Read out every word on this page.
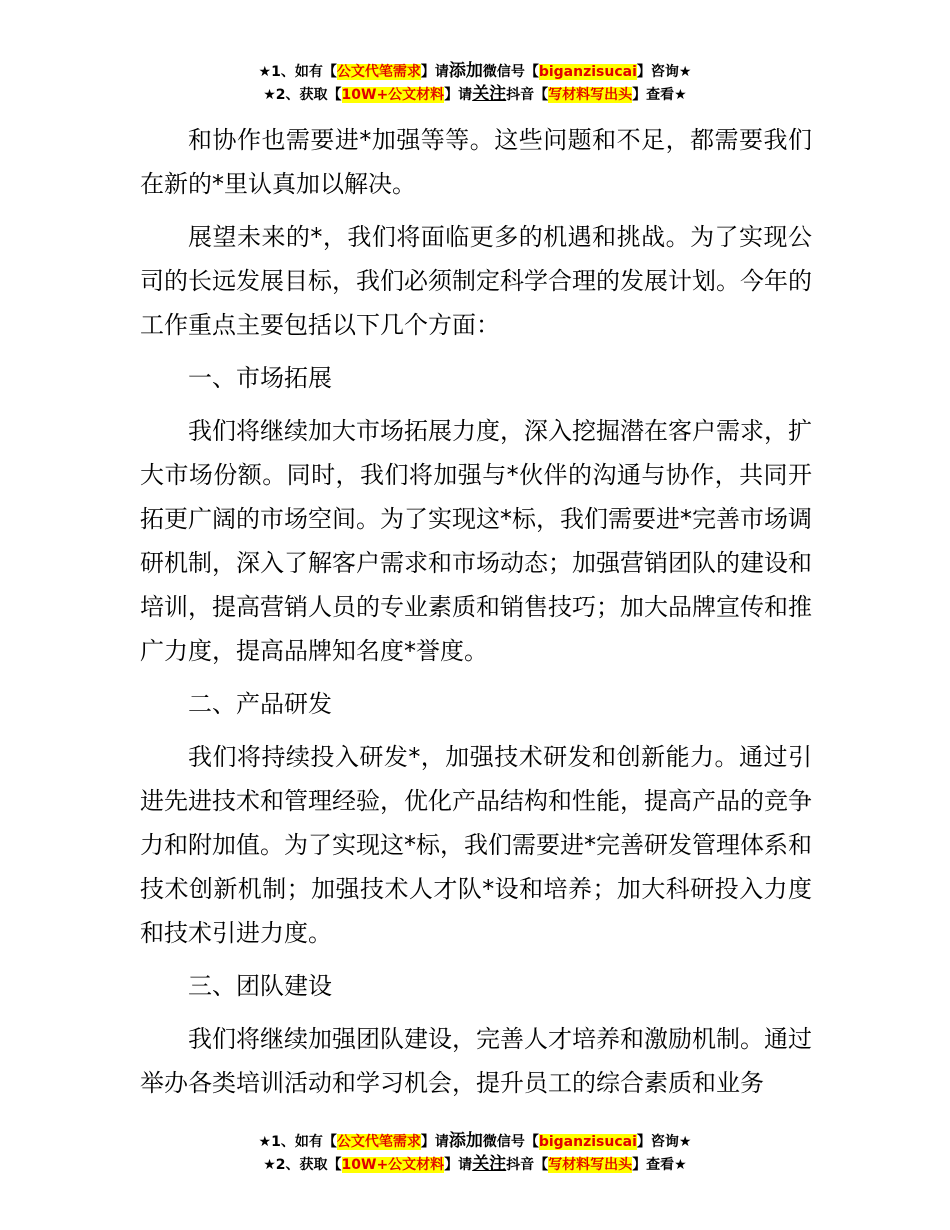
★1、如有【公文代笔需求】请添加微信号【biganzisucai】咨询★
★2、获取【10W+公文材料】请关注抖音【写材料写出头】查看★

和协作也需要进*加强等等。这些问题和不足，都需要我们在新的*里认真加以解决。

展望未来的*，我们将面临更多的机遇和挑战。为了实现公司的长远发展目标，我们必须制定科学合理的发展计划。今年的工作重点主要包括以下几个方面：

一、市场拓展

我们将继续加大市场拓展力度，深入挖掘潜在客户需求，扩大市场份额。同时，我们将加强与*伙伴的沟通与协作，共同开拓更广阔的市场空间。为了实现这*标，我们需要进*完善市场调研机制，深入了解客户需求和市场动态；加强营销团队的建设和培训，提高营销人员的专业素质和销售技巧；加大品牌宣传和推广力度，提高品牌知名度*誉度。

二、产品研发

我们将持续投入研发*，加强技术研发和创新能力。通过引进先进技术和管理经验，优化产品结构和性能，提高产品的竞争力和附加值。为了实现这*标，我们需要进*完善研发管理体系和技术创新机制；加强技术人才队*设和培养；加大科研投入力度和技术引进力度。

三、团队建设

我们将继续加强团队建设，完善人才培养和激励机制。通过举办各类培训活动和学习机会，提升员工的综合素质和业务

★1、如有【公文代笔需求】请添加微信号【biganzisucai】咨询★
★2、获取【10W+公文材料】请关注抖音【写材料写出头】查看★
